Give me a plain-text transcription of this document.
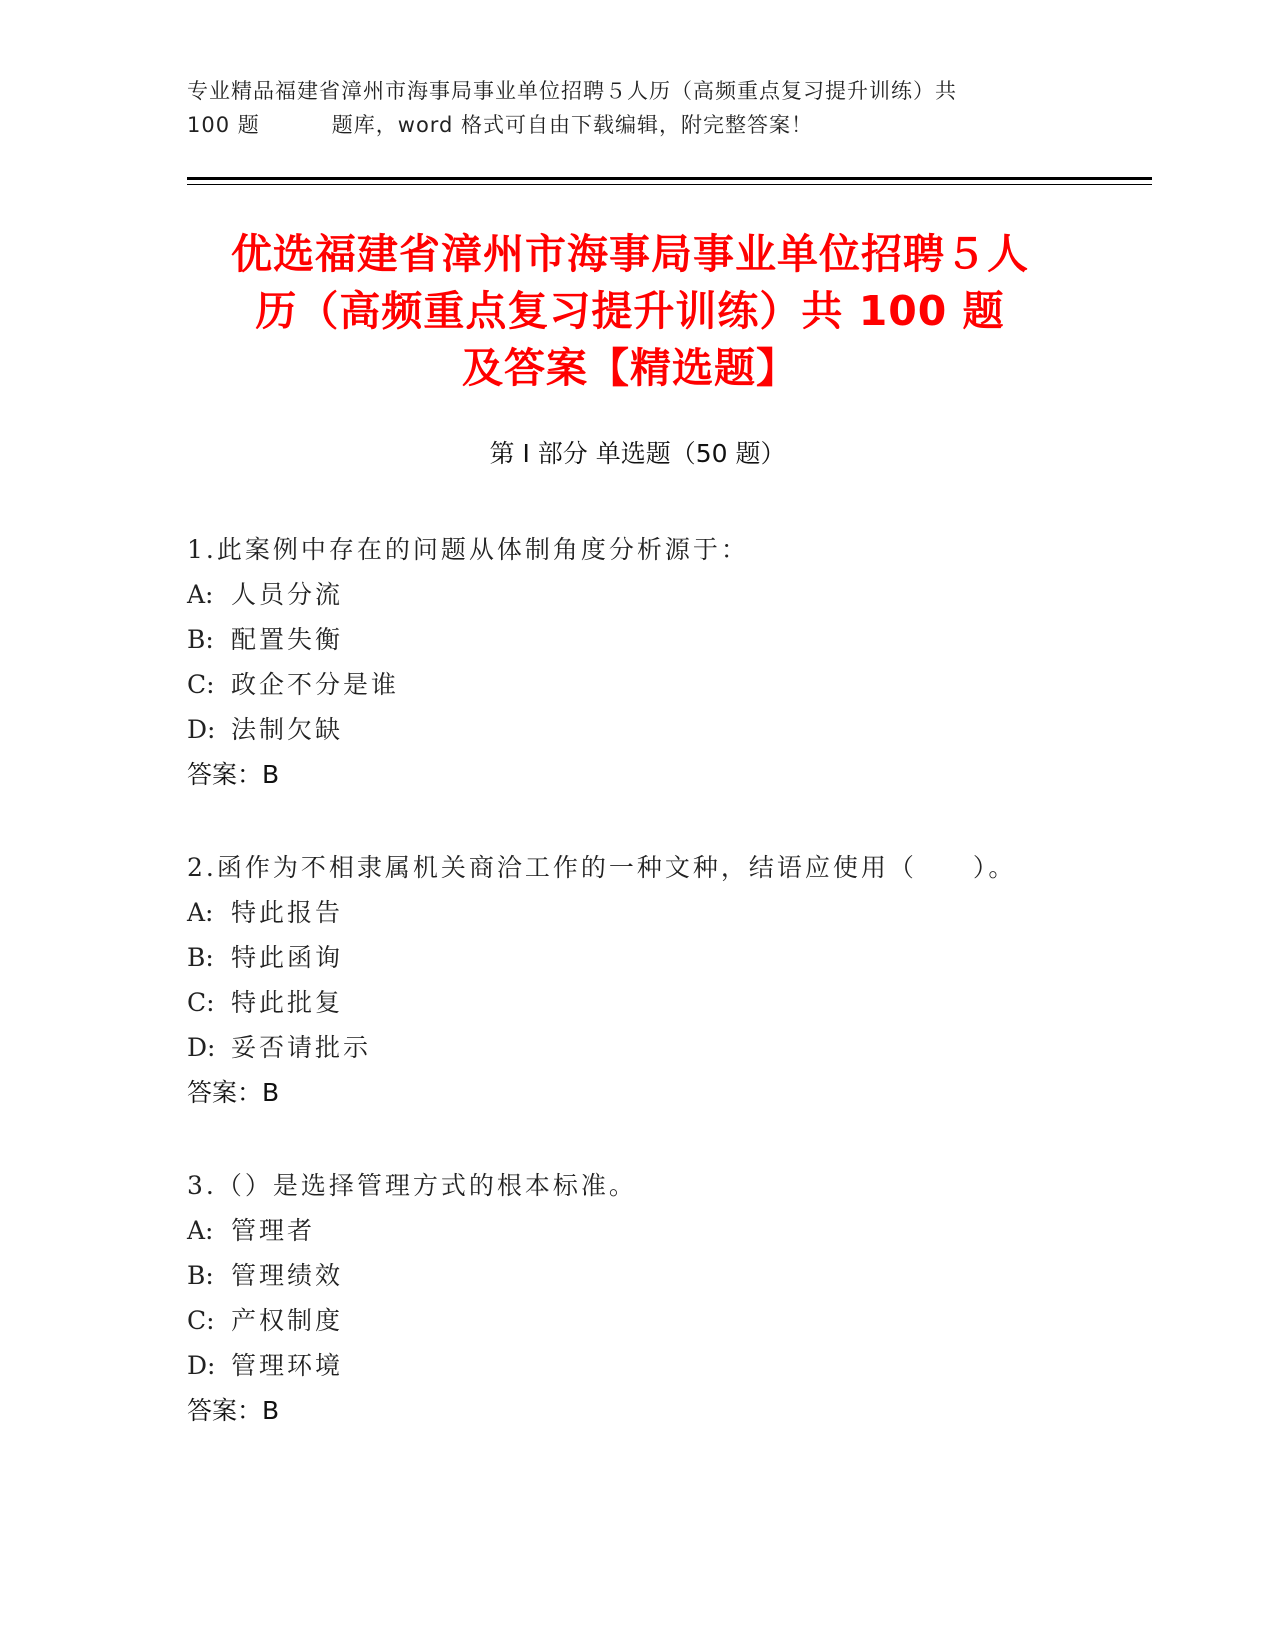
专业精品福建省漳州市海事局事业单位招聘５人历（高频重点复习提升训练）共
100 题	题库，word 格式可自由下载编辑，附完整答案！
优选福建省漳州市海事局事业单位招聘５人
历（高频重点复习提升训练）共 100 题
及答案【精选题】
第 I 部分 单选题（50 题）
1.此案例中存在的问题从体制角度分析源于：
A: 人员分流
B: 配置失衡
C: 政企不分是谁
D: 法制欠缺
答案：B
2.函作为不相隶属机关商洽工作的一种文种，结语应使用（　　）。
A: 特此报告
B: 特此函询
C: 特此批复
D: 妥否请批示
答案：B
3.（）是选择管理方式的根本标准。
A: 管理者
B: 管理绩效
C: 产权制度
D: 管理环境
答案：B
